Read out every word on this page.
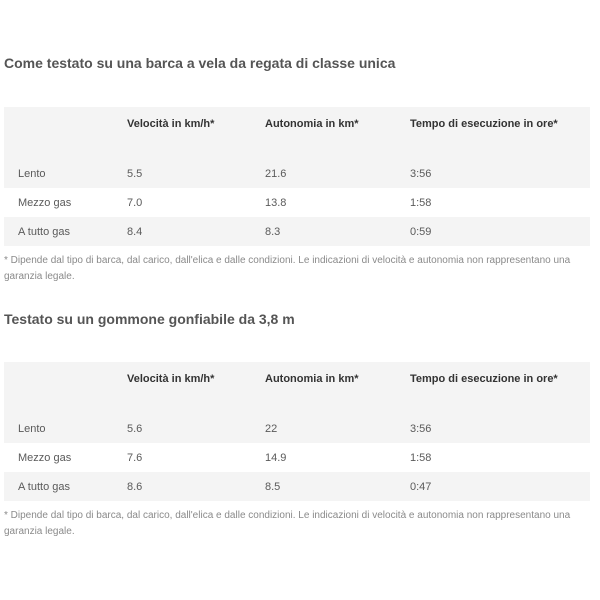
Come testato su una barca a vela da regata di classe unica
	Velocità in km/h*	Autonomia in km*	Tempo di esecuzione in ore*

Lento	5.5	21.6	3:56
Mezzo gas	7.0	13.8	1:58
A tutto gas	8.4	8.3	0:59

* Dipende dal tipo di barca, dal carico, dall'elica e dalle condizioni. Le indicazioni di velocità e autonomia non rappresentano una garanzia legale.

Testato su un gommone gonfiabile da 3,8 m
	Velocità in km/h*	Autonomia in km*	Tempo di esecuzione in ore*

Lento	5.6	22	3:56
Mezzo gas	7.6	14.9	1:58
A tutto gas	8.6	8.5	0:47

* Dipende dal tipo di barca, dal carico, dall'elica e dalle condizioni. Le indicazioni di velocità e autonomia non rappresentano una garanzia legale.
